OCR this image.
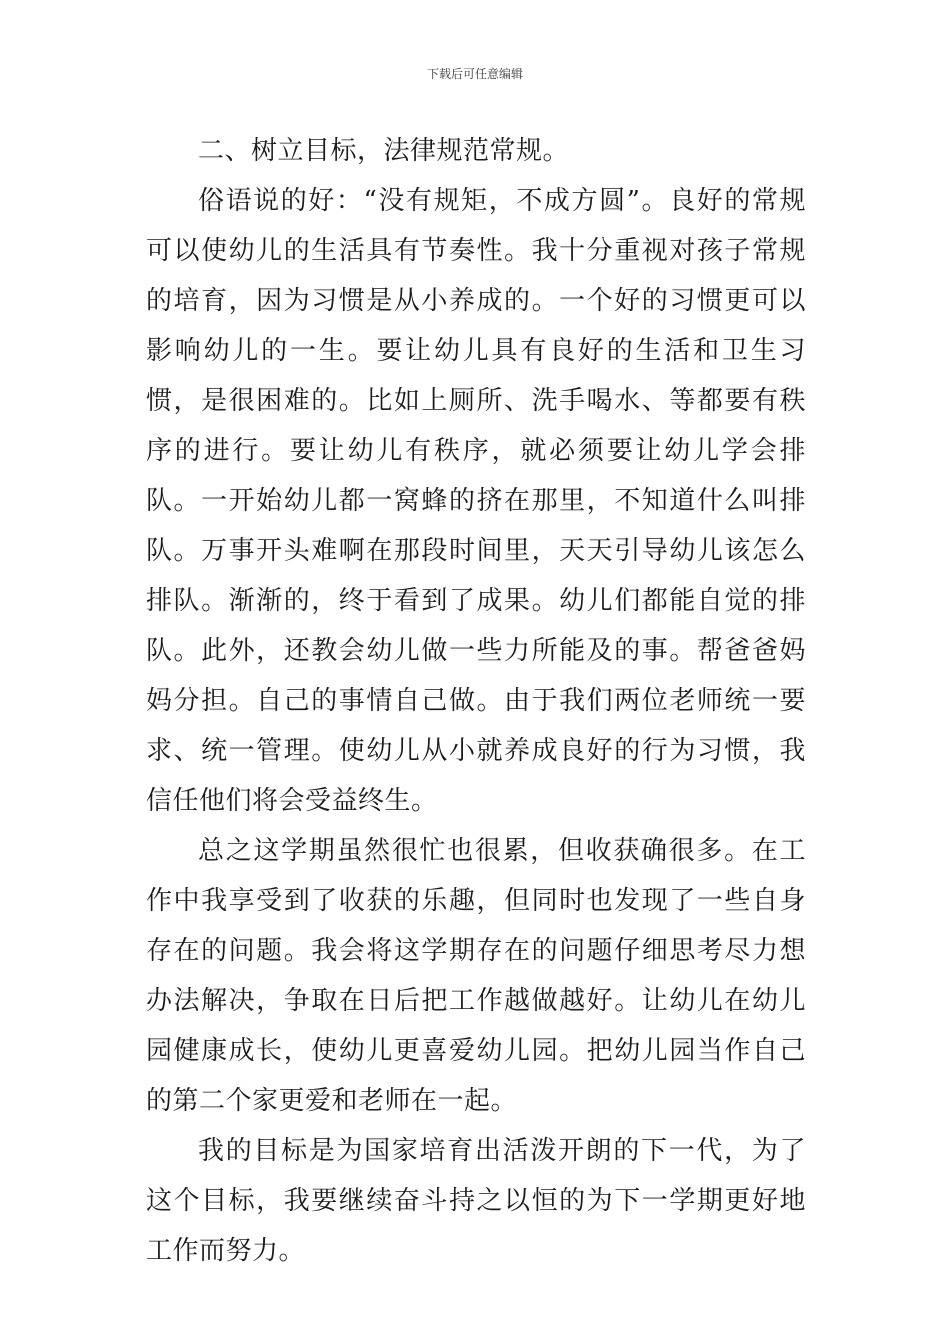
下载后可任意编辑

二、树立目标，法律规范常规。

俗语说的好：“没有规矩，不成方圆”。良好的常规可以使幼儿的生活具有节奏性。我十分重视对孩子常规的培育，因为习惯是从小养成的。一个好的习惯更可以影响幼儿的一生。要让幼儿具有良好的生活和卫生习惯，是很困难的。比如上厕所、洗手喝水、等都要有秩序的进行。要让幼儿有秩序，就必须要让幼儿学会排队。一开始幼儿都一窝蜂的挤在那里，不知道什么叫排队。万事开头难啊在那段时间里，天天引导幼儿该怎么排队。渐渐的，终于看到了成果。幼儿们都能自觉的排队。此外，还教会幼儿做一些力所能及的事。帮爸爸妈妈分担。自己的事情自己做。由于我们两位老师统一要求、统一管理。使幼儿从小就养成良好的行为习惯，我信任他们将会受益终生。

总之这学期虽然很忙也很累，但收获确很多。在工作中我享受到了收获的乐趣，但同时也发现了一些自身存在的问题。我会将这学期存在的问题仔细思考尽力想办法解决，争取在日后把工作越做越好。让幼儿在幼儿园健康成长，使幼儿更喜爱幼儿园。把幼儿园当作自己的第二个家更爱和老师在一起。

我的目标是为国家培育出活泼开朗的下一代，为了这个目标，我要继续奋斗持之以恒的为下一学期更好地工作而努力。
